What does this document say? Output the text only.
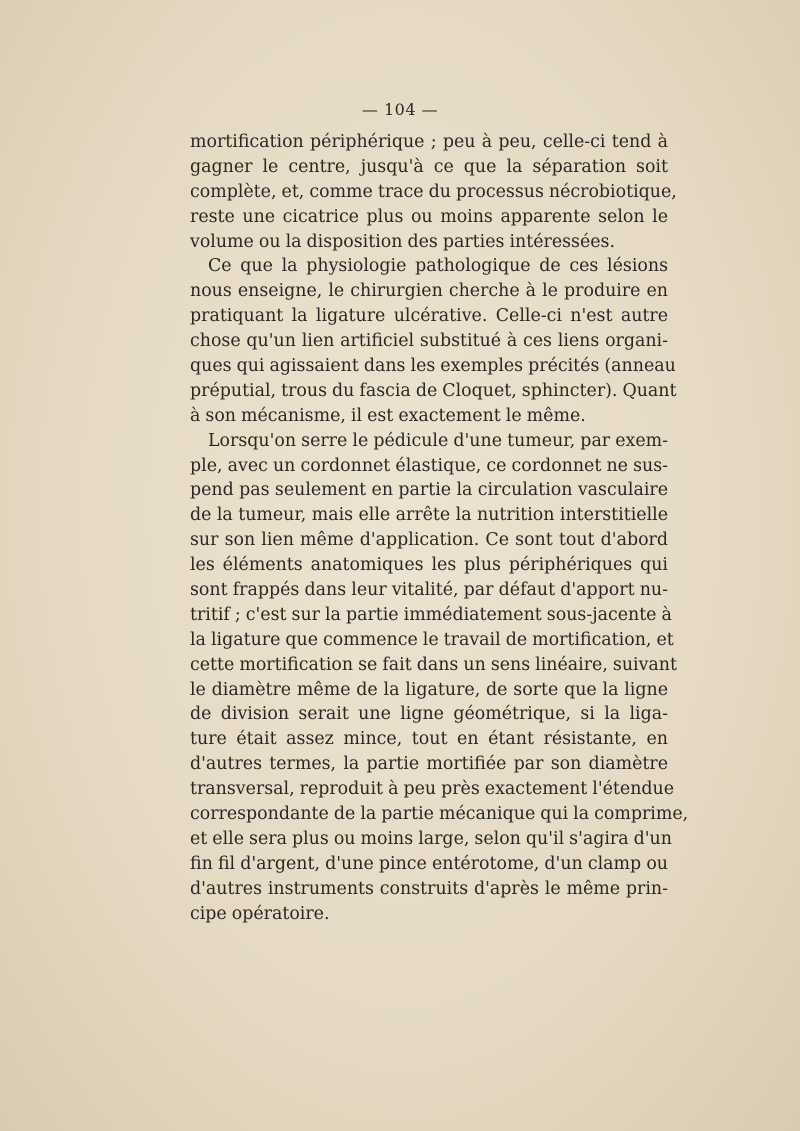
— 104 —
mortification périphérique ; peu à peu, celle-ci tend à
gagner le centre, jusqu'à ce que la séparation soit
complète, et, comme trace du processus nécrobiotique,
reste une cicatrice plus ou moins apparente selon le
volume ou la disposition des parties intéressées.
Ce que la physiologie pathologique de ces lésions
nous enseigne, le chirurgien cherche à le produire en
pratiquant la ligature ulcérative. Celle-ci n'est autre
chose qu'un lien artificiel substitué à ces liens organi-
ques qui agissaient dans les exemples précités (anneau
préputial, trous du fascia de Cloquet, sphincter). Quant
à son mécanisme, il est exactement le même.
Lorsqu'on serre le pédicule d'une tumeur, par exem-
ple, avec un cordonnet élastique, ce cordonnet ne sus-
pend pas seulement en partie la circulation vasculaire
de la tumeur, mais elle arrête la nutrition interstitielle
sur son lien même d'application. Ce sont tout d'abord
les éléments anatomiques les plus périphériques qui
sont frappés dans leur vitalité, par défaut d'apport nu-
tritif ; c'est sur la partie immédiatement sous-jacente à
la ligature que commence le travail de mortification, et
cette mortification se fait dans un sens linéaire, suivant
le diamètre même de la ligature, de sorte que la ligne
de division serait une ligne géométrique, si la liga-
ture était assez mince, tout en étant résistante, en
d'autres termes, la partie mortifiée par son diamètre
transversal, reproduit à peu près exactement l'étendue
correspondante de la partie mécanique qui la comprime,
et elle sera plus ou moins large, selon qu'il s'agira d'un
fin fil d'argent, d'une pince entérotome, d'un clamp ou
d'autres instruments construits d'après le même prin-
cipe opératoire.
